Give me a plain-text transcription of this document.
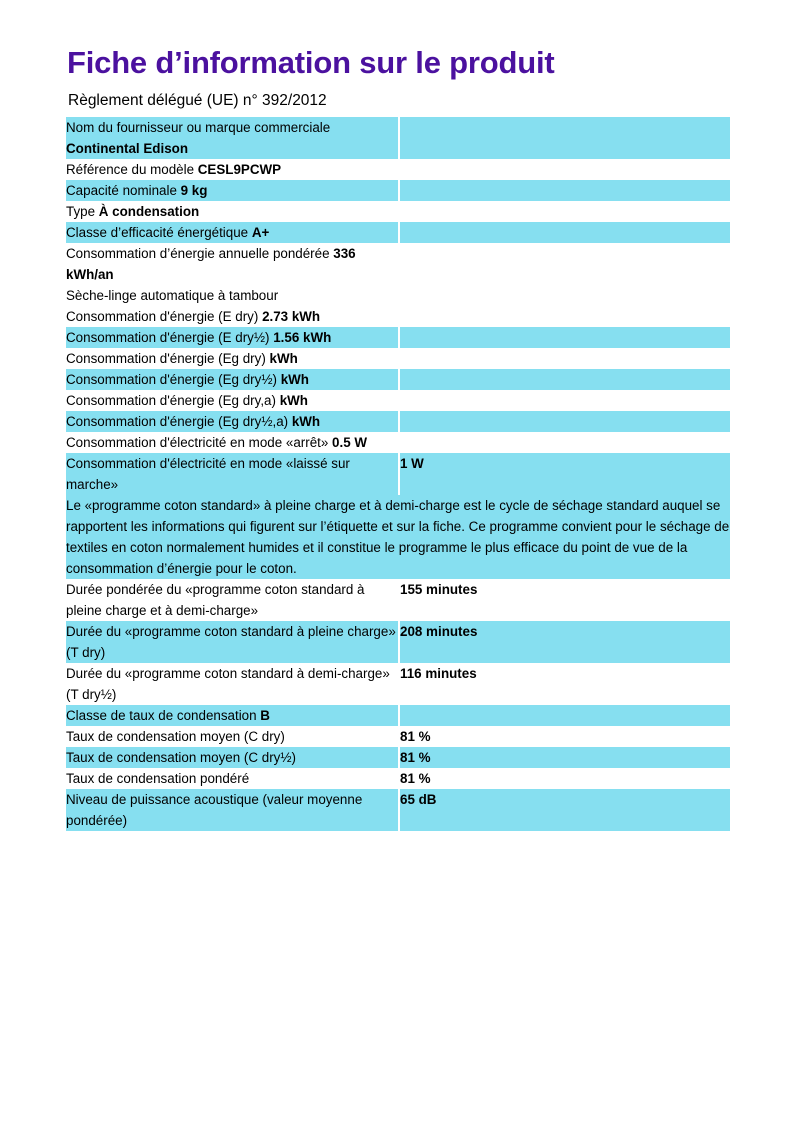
Fiche d’information sur le produit
Règlement délégué (UE) n° 392/2012
Nom du fournisseur ou marque commerciale Continental Edison	
Référence du modèle CESL9PCWP	
Capacité nominale 9 kg	
Type À condensation	
Classe d’efficacité énergétique A+	
Consommation d’énergie annuelle pondérée 336 kWh/an	
Sèche-linge automatique à tambour	
Consommation d'énergie (E dry) 2.73 kWh	
Consommation d'énergie (E dry½) 1.56 kWh	
Consommation d'énergie (Eg dry) kWh	
Consommation d'énergie (Eg dry½) kWh	
Consommation d'énergie (Eg dry,a) kWh	
Consommation d'énergie (Eg dry½,a) kWh	
Consommation d'électricité en mode «arrêt» 0.5 W	
Consommation d'électricité en mode «laissé sur marche»	1 W
Le «programme coton standard» à pleine charge et à demi-charge est le cycle de séchage standard auquel se rapportent les informations qui figurent sur l’étiquette et sur la fiche. Ce programme convient pour le séchage de textiles en coton normalement humides et il constitue le programme le plus efficace du point de vue de la consommation d’énergie pour le coton.	
Durée pondérée du «programme coton standard à pleine charge et à demi-charge»	155 minutes
Durée du «programme coton standard à pleine charge» (T dry)	208 minutes
Durée du «programme coton standard à demi-charge» (T dry½)	116 minutes
Classe de taux de condensation B	
Taux de condensation moyen (C dry)	81 %
Taux de condensation moyen (C dry½)	81 %
Taux de condensation pondéré	81 %
Niveau de puissance acoustique (valeur moyenne pondérée)	65 dB
